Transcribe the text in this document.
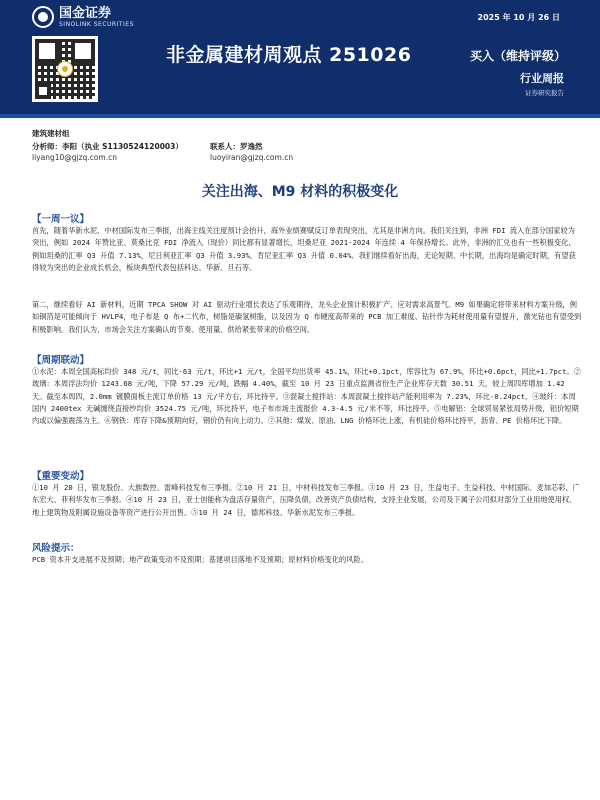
国金证券
SINOLINK SECURITIES
2025 年 10 月 26 日
非金属建材周观点 251026	买入（维持评级）
行业周报
证券研究报告
建筑建材组
分析师：李阳（执业 S1130524120003）	联系人：罗逸然
liyang10@gjzq.com.cn	luoyiran@gjzq.com.cn
关注出海、M9 材料的积极变化
【一周一议】
首先，随着华新水泥、中材国际发布三季报，出海主线关注度预计会抬升，海外业绩赛赋反订单表现突出，尤其是非洲方向。我们关注到，非洲 FDI 流入在部分国家较为突出，例如 2024 年赞比亚、莫桑比克 FDI 净流入（现价）同比都有显著增长，坦桑尼亚 2021-2024 年连续 4 年保持增长。此外，非洲的汇兑也有一些积极变化，例如坦桑的汇率 Q3 升值 7.13%，尼日利亚汇率 Q3 升值 3.93%，肯尼亚汇率 Q3 升值 0.04%。我们继续看好出海，无论短期、中长期，出海均是确定时期，有望获得较为突出的企业成长机会，板块典型代表包括科达、华新、旦石等。
第二，继续看好 AI 新材料，近期 TPCA SHOW 对 AI 驱动行业增长表达了乐观期待，龙头企业预计积极扩产、应对需求高景气。M9 如果确定将带来材料方案升级，例如铜箔是可能倾向于 HVLP4，电子布是 Q 布+二代布，树脂是碳氢树脂，以及因为 Q 布硬度高带来的 PCB 加工难度、钻针作为耗材使用量有望提升，激光钻也有望受到积极影响。我们认为，市场会关注方案确认的节奏、使用量、供给紧张带来的价格空间。
【周期联动】
①水泥：本周全国高标均价 348 元/t，同比-63 元/t，环比+1 元/t，全国平均出货率 45.1%，环比+0.1pct，库容比为 67.9%，环比+0.6pct，同比+1.7pct。②玻璃：本周浮法均价 1243.68 元/吨，下降 57.29 元/吨，跌幅 4.40%，截至 10 月 23 日重点监测省份生产企业库存天数 30.51 天，较上周四库增加 1.42 天。截至本周四，2.0mm 镀膜面板主流订单价格 13 元/平方右，环比持平。③混凝土搅拌站：本周混凝土搅拌站产能利用率为 7.23%，环比-0.24pct。④玻纤：本周国内 2400tex 无碱缠绕直接纱均价 3524.75 元/吨，环比持平，电子布市场主流报价 4.3-4.5 元/米不等，环比持平。⑤电解铝：全球贸易紧张局势升级，铝价短期内或以偏强震荡为主。⑥钢铁：库存下降&预期向好，钢价仍有向上动力。⑦其他：煤炭、原油、LNG 价格环比上涨，有机硅价格环比持平，沥青、PE 价格环比下降。
【重要变动】
①10 月 20 日，银龙股份、大族数控、雷峰科技发布三季报。②10 月 21 日，中材科技发布三季报。③10 月 23 日，生益电子、生益科技、中材国际、麦加芯彩、广东宏大、菲利华发布三季报。④10 月 23 日，亚士创能称为盘活存量资产，压降负债，改善资产负债结构，支持主业发展，公司及下属子公司拟对部分工业用地使用权、地上建筑物及附属设施设备等资产进行公开出售。⑤10 月 24 日，德邦科技、华新水泥发布三季报。
风险提示：
PCB 资本开支进展不及预期；地产政策变动不及预期；基建项目落地不及预期；原材料价格变化的风险。
